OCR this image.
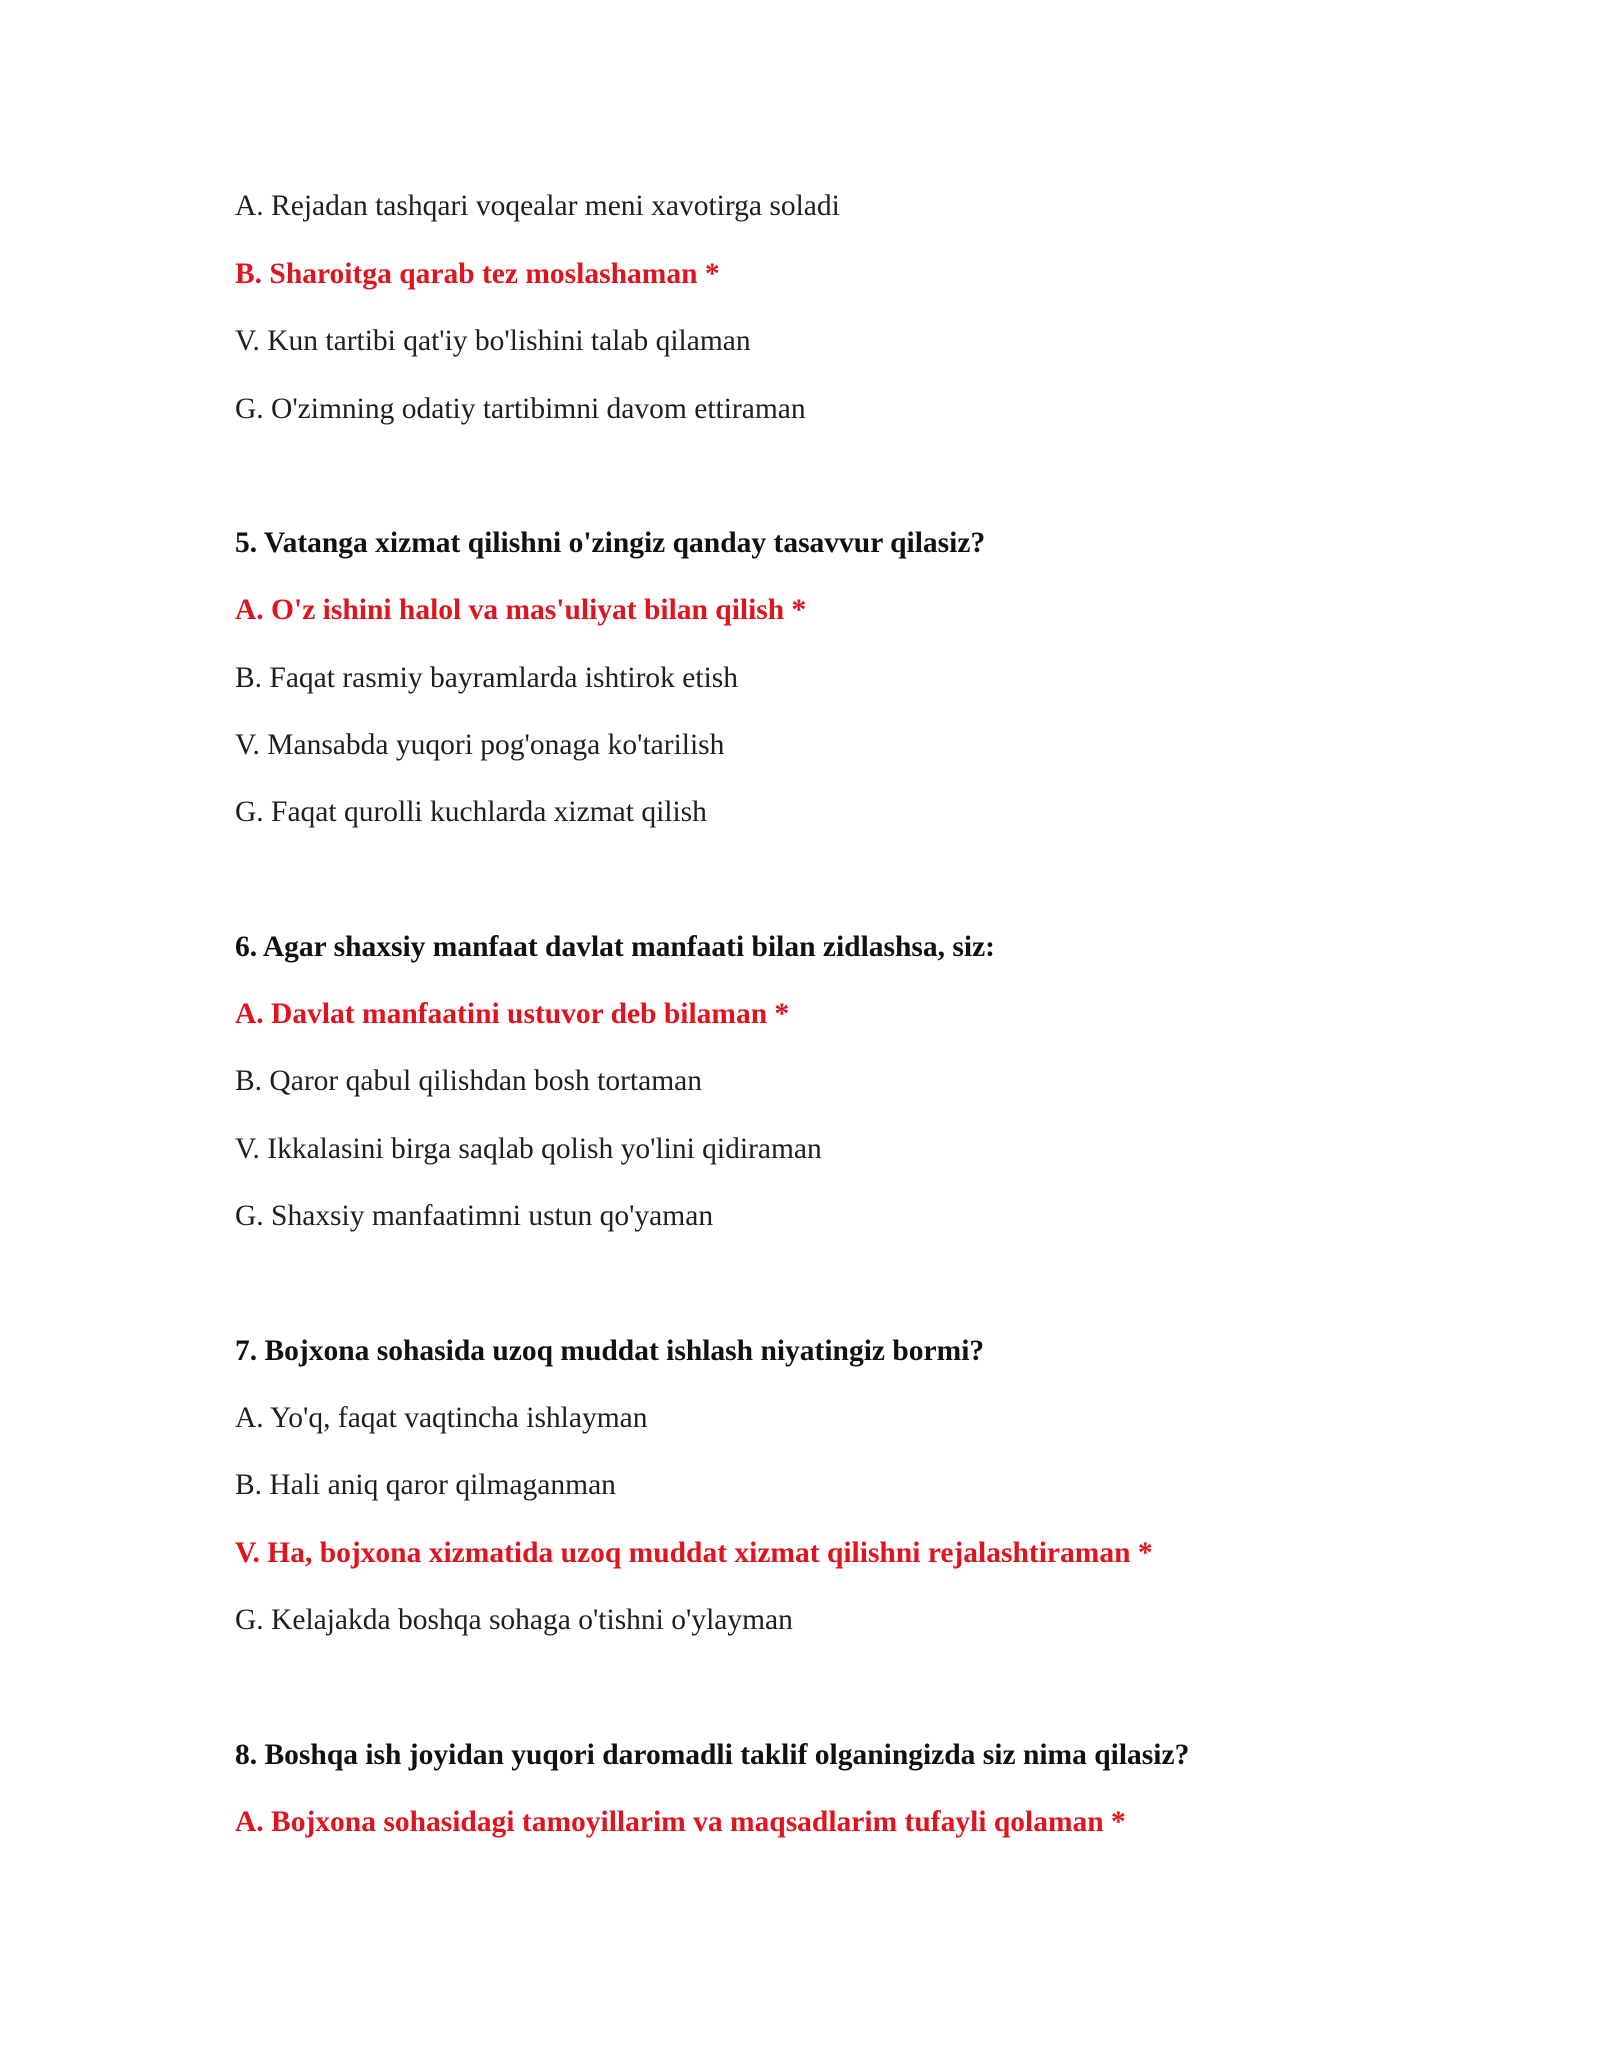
A. Rejadan tashqari voqealar meni xavotirga soladi
B. Sharoitga qarab tez moslashaman *
V. Kun tartibi qat'iy bo'lishini talab qilaman
G. O'zimning odatiy tartibimni davom ettiraman
5. Vatanga xizmat qilishni o'zingiz qanday tasavvur qilasiz?
A. O'z ishini halol va mas'uliyat bilan qilish *
B. Faqat rasmiy bayramlarda ishtirok etish
V. Mansabda yuqori pog'onaga ko'tarilish
G. Faqat qurolli kuchlarda xizmat qilish
6. Agar shaxsiy manfaat davlat manfaati bilan zidlashsa, siz:
A. Davlat manfaatini ustuvor deb bilaman *
B. Qaror qabul qilishdan bosh tortaman
V. Ikkalasini birga saqlab qolish yo'lini qidiraman
G. Shaxsiy manfaatimni ustun qo'yaman
7. Bojxona sohasida uzoq muddat ishlash niyatingiz bormi?
A. Yo'q, faqat vaqtincha ishlayman
B. Hali aniq qaror qilmaganman
V. Ha, bojxona xizmatida uzoq muddat xizmat qilishni rejalashtiraman *
G. Kelajakda boshqa sohaga o'tishni o'ylayman
8. Boshqa ish joyidan yuqori daromadli taklif olganingizda siz nima qilasiz?
A. Bojxona sohasidagi tamoyillarim va maqsadlarim tufayli qolaman *
